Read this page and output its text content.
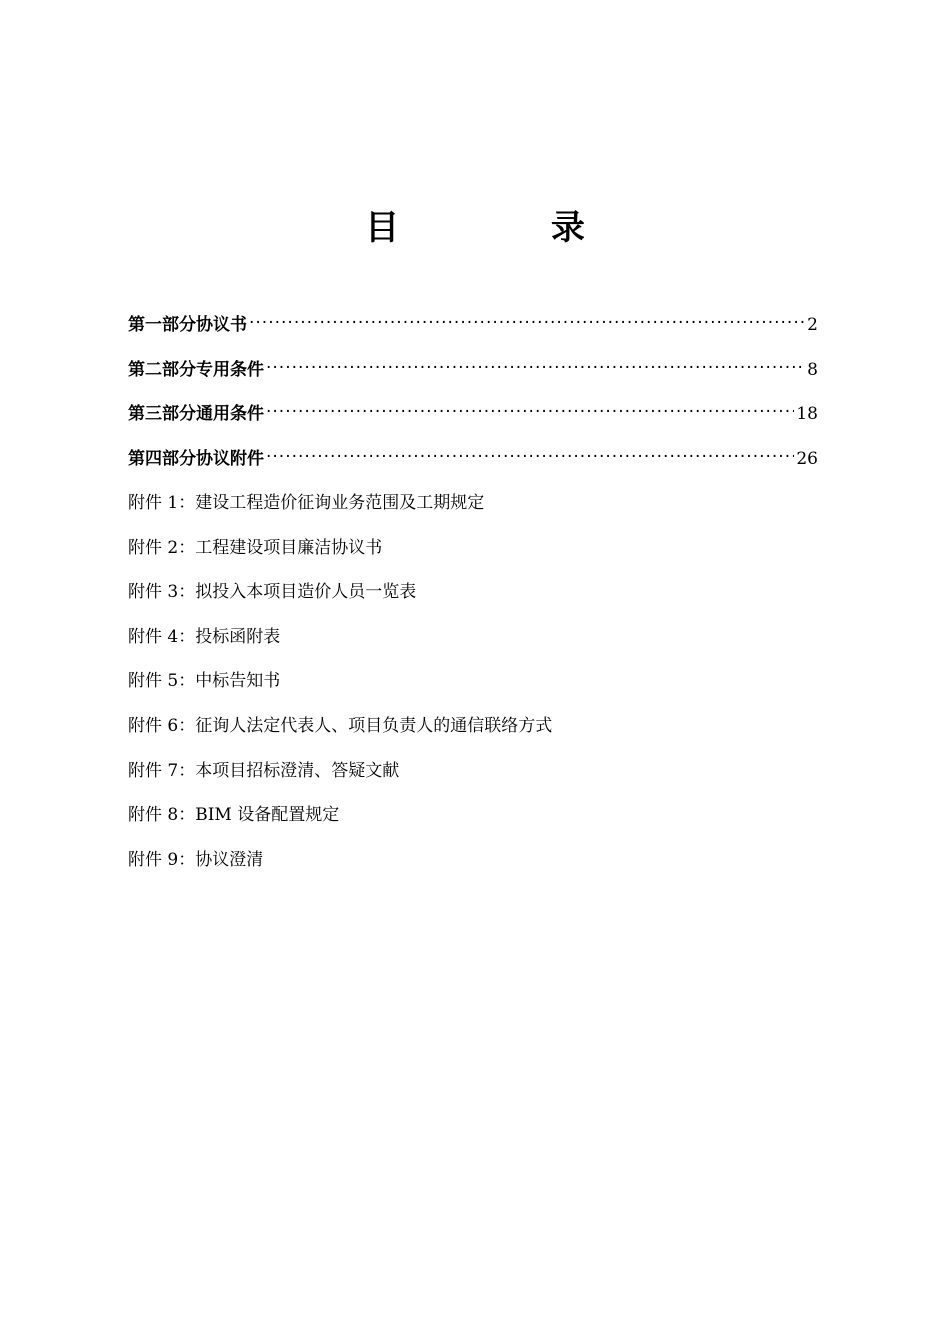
目 录
第一部分协议书 ·····	2
第二部分专用条件 ·····	8
第三部分通用条件 ·····	18
第四部分协议附件 ·····	26
附件 1：建设工程造价征询业务范围及工期规定
附件 2：工程建设项目廉洁协议书
附件 3：拟投入本项目造价人员一览表
附件 4：投标函附表
附件 5：中标告知书
附件 6：征询人法定代表人、项目负责人的通信联络方式
附件 7：本项目招标澄清、答疑文献
附件 8：BIM 设备配置规定
附件 9：协议澄清
